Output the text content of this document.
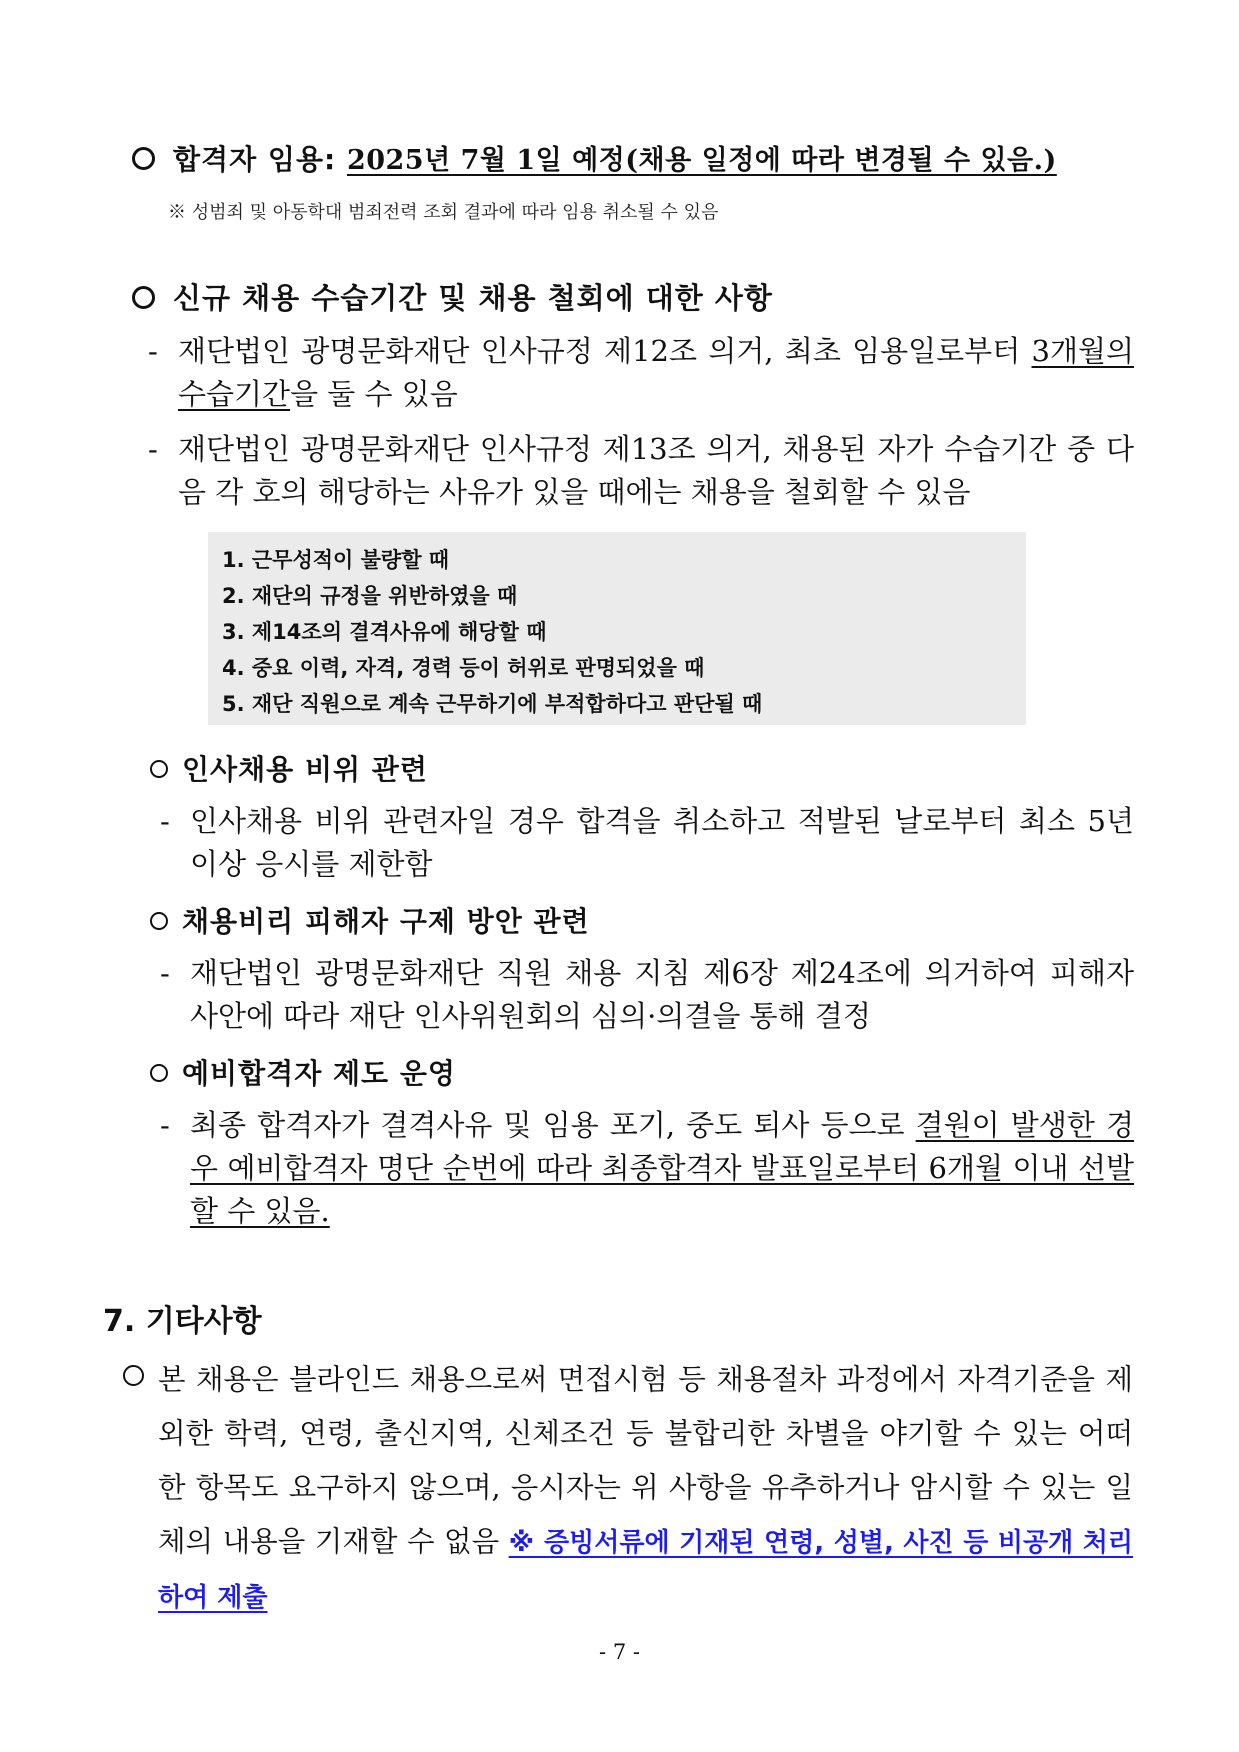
합격자 임용: 2025년 7월 1일 예정(채용 일정에 따라 변경될 수 있음.)
※ 성범죄 및 아동학대 범죄전력 조회 결과에 따라 임용 취소될 수 있음
신규 채용 수습기간 및 채용 철회에 대한 사항
- 재단법인 광명문화재단 인사규정 제12조 의거, 최초 임용일로부터 3개월의 수습기간을 둘 수 있음
- 재단법인 광명문화재단 인사규정 제13조 의거, 채용된 자가 수습기간 중 다음 각 호의 해당하는 사유가 있을 때에는 채용을 철회할 수 있음
1. 근무성적이 불량할 때
2. 재단의 규정을 위반하였을 때
3. 제14조의 결격사유에 해당할 때
4. 중요 이력, 자격, 경력 등이 허위로 판명되었을 때
5. 재단 직원으로 계속 근무하기에 부적합하다고 판단될 때
인사채용 비위 관련
- 인사채용 비위 관련자일 경우 합격을 취소하고 적발된 날로부터 최소 5년 이상 응시를 제한함
채용비리 피해자 구제 방안 관련
- 재단법인 광명문화재단 직원 채용 지침 제6장 제24조에 의거하여 피해자 사안에 따라 재단 인사위원회의 심의·의결을 통해 결정
예비합격자 제도 운영
- 최종 합격자가 결격사유 및 임용 포기, 중도 퇴사 등으로 결원이 발생한 경우 예비합격자 명단 순번에 따라 최종합격자 발표일로부터 6개월 이내 선발할 수 있음.
7. 기타사항
본 채용은 블라인드 채용으로써 면접시험 등 채용절차 과정에서 자격기준을 제외한 학력, 연령, 출신지역, 신체조건 등 불합리한 차별을 야기할 수 있는 어떠한 항목도 요구하지 않으며, 응시자는 위 사항을 유추하거나 암시할 수 있는 일체의 내용을 기재할 수 없음 ※ 증빙서류에 기재된 연령, 성별, 사진 등 비공개 처리하여 제출
- 7 -
